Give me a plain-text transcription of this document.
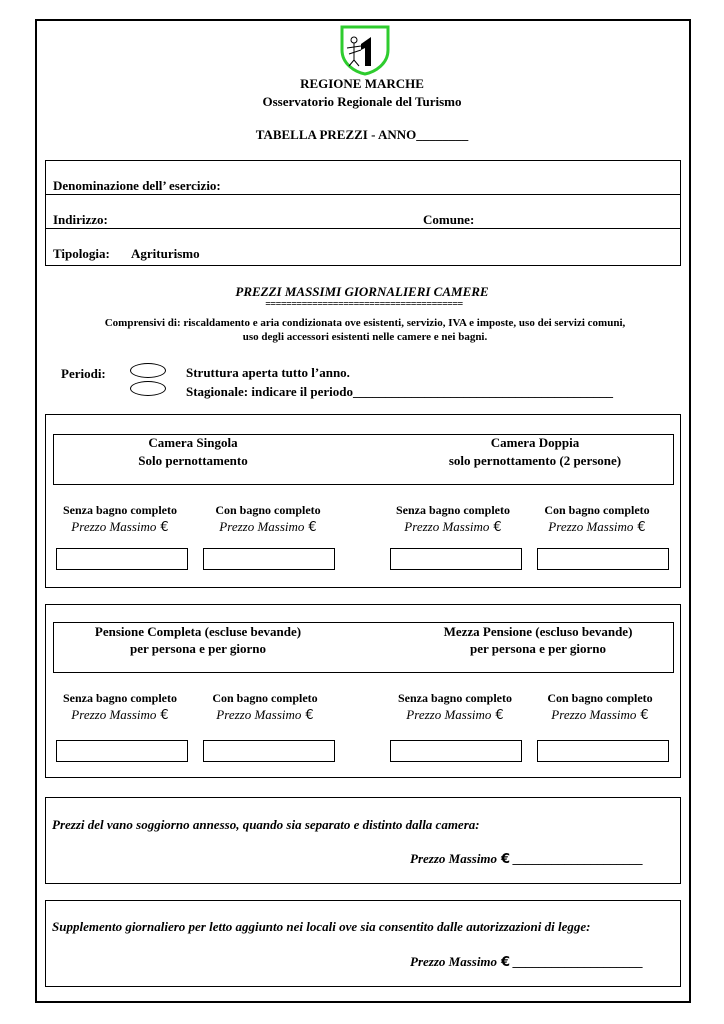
REGIONE MARCHE
Osservatorio Regionale del Turismo
TABELLA PREZZI - ANNO________
Denominazione dell’ esercizio:
Indirizzo:	Comune:
Tipologia: Agriturismo
PREZZI MASSIMI GIORNALIERI CAMERE
======================================
Comprensivi di: riscaldamento e aria condizionata ove esistenti, servizio, IVA e imposte, uso dei servizi comuni,
uso degli accessori esistenti nelle camere e nei bagni.
Periodi:	Struttura aperta tutto l’anno.
Stagionale: indicare il periodo________________________________________
Camera Singola
Solo pernottamento
Camera Doppia
solo pernottamento (2 persone)
Senza bagno completo	Con bagno completo	Senza bagno completo	Con bagno completo
Prezzo Massimo €	Prezzo Massimo €	Prezzo Massimo €	Prezzo Massimo €
Pensione Completa (escluse bevande)
per persona e per giorno
Mezza Pensione (escluso bevande)
per persona e per giorno
Senza bagno completo	Con bagno completo	Senza bagno completo	Con bagno completo
Prezzo Massimo €	Prezzo Massimo €	Prezzo Massimo €	Prezzo Massimo €
Prezzi del vano soggiorno annesso, quando sia separato e distinto dalla camera:
Prezzo Massimo € ____________________
Supplemento giornaliero per letto aggiunto nei locali ove sia consentito dalle autorizzazioni di legge:
Prezzo Massimo € ____________________
